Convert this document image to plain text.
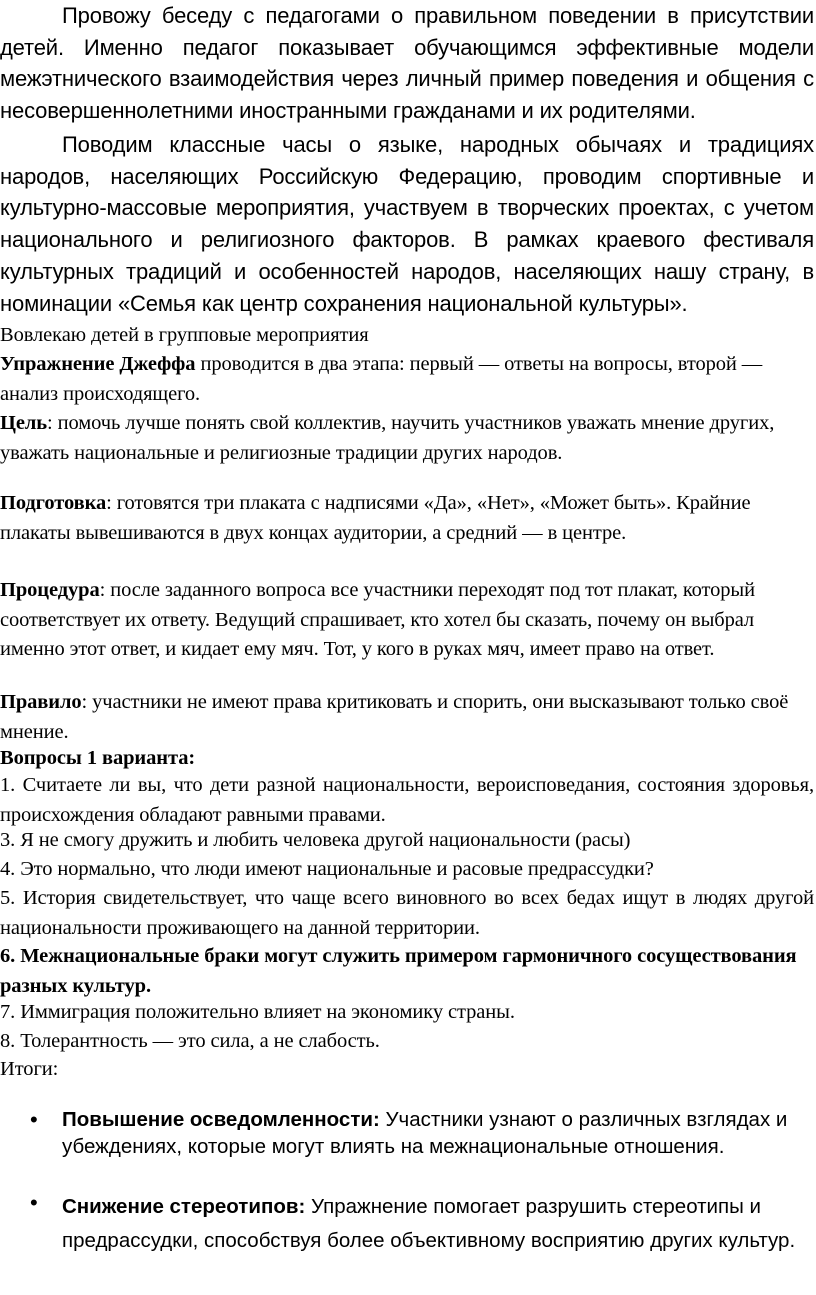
Провожу беседу с педагогами о правильном поведении в присутствии детей. Именно педагог показывает обучающимся эффективные модели межэтнического взаимодействия через личный пример поведения и общения с несовершеннолетними иностранными гражданами и их родителями.

Поводим классные часы о языке, народных обычаях и традициях народов, населяющих Российскую Федерацию, проводим спортивные и культурно-массовые мероприятия, участвуем в творческих проектах, с учетом национального и религиозного факторов. В рамках краевого фестиваля культурных традиций и особенностей народов, населяющих нашу страну, в номинации «Семья как центр сохранения национальной культуры».

Вовлекаю детей в групповые мероприятия

Упражнение Джеффа проводится в два этапа: первый — ответы на вопросы, второй — анализ происходящего.

Цель: помочь лучше понять свой коллектив, научить участников уважать мнение других, уважать национальные и религиозные традиции других народов.

Подготовка: готовятся три плаката с надписями «Да», «Нет», «Может быть». Крайние плакаты вывешиваются в двух концах аудитории, а средний — в центре.

Процедура: после заданного вопроса все участники переходят под тот плакат, который соответствует их ответу. Ведущий спрашивает, кто хотел бы сказать, почему он выбрал именно этот ответ, и кидает ему мяч. Тот, у кого в руках мяч, имеет право на ответ.

Правило: участники не имеют права критиковать и спорить, они высказывают только своё мнение.

Вопросы 1 варианта:

1. Считаете ли вы, что дети разной национальности, вероисповедания, состояния здоровья, происхождения обладают равными правами.

3. Я не смогу дружить и любить человека другой национальности (расы)

4. Это нормально, что люди имеют национальные и расовые предрассудки?

5. История свидетельствует, что чаще всего виновного во всех бедах ищут в людях другой национальности проживающего на данной территории.

6. Межнациональные браки могут служить примером гармоничного сосуществования разных культур.

7. Иммиграция положительно влияет на экономику страны.

8. Толерантность — это сила, а не слабость.

Итоги:

• Повышение осведомленности: Участники узнают о различных взглядах и убеждениях, которые могут влиять на межнациональные отношения.

• Снижение стереотипов: Упражнение помогает разрушить стереотипы и предрассудки, способствуя более объективному восприятию других культур.
